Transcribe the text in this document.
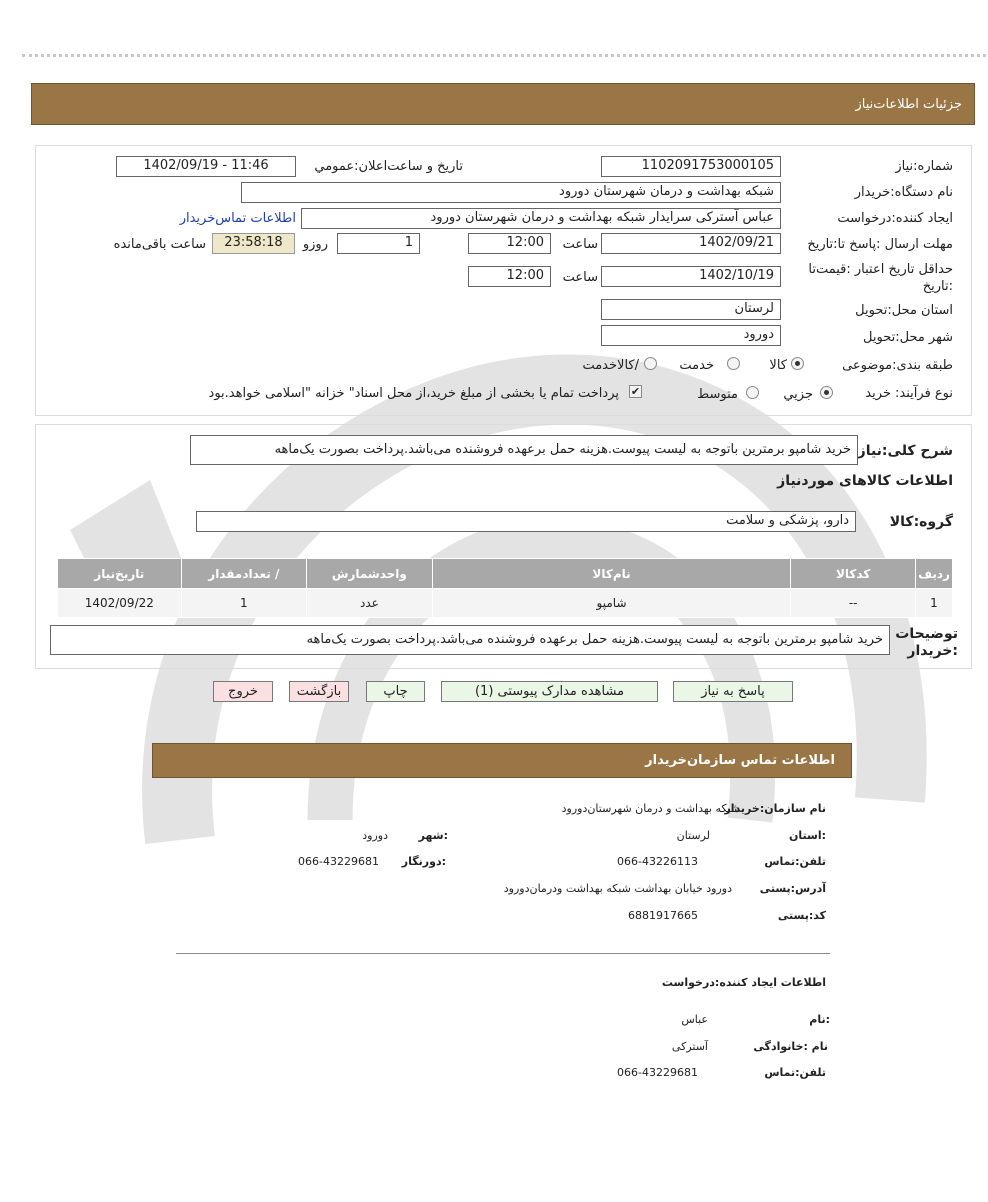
جزئیات اطلاعات‌نیاز
شماره:نیاز
1102091753000105
تاریخ و ساعت‌اعلان:عمومي
1402/09/19 - 11:46
نام دستگاه:خریدار
شبکه بهداشت و درمان شهرستان دورود
ایجاد کننده:درخواست
عباس آسترکی سرایدار شبکه بهداشت و درمان شهرستان دورود
اطلاعات تماس‌خریدار
مهلت ارسال :پاسخ تا:تاریخ
1402/09/21
ساعت
12:00
1
روزو
23:58:18
ساعت باقی‌مانده
حداقل تاریخ اعتبار :قیمت‌تا
:تاریخ
1402/10/19
ساعت
12:00
استان محل:تحویل
لرستان
شهر محل:تحویل
دورود
طبقه بندی:موضوعی
کالا
خدمت
/کالاخدمت
نوع فرآیند: خرید
جزيي
متوسط
✔
پرداخت تمام یا بخشی از مبلغ خرید،از محل اسناد" خزانه "اسلامی خواهد.بود
شرح کلی:نیاز
خرید شامپو برمترین باتوجه به لیست پیوست.هزینه حمل برعهده فروشنده می‌باشد.پرداخت بصورت یک‌ماهه
اطلاعات کالاهای موردنیاز
گروه:کالا
دارو، پزشکی و سلامت
تاریخ‌نیاز	/ تعدادمقدار	واحدشمارش	نام‌کالا	کدکالا	ردیف
1402/09/22	1	عدد	شامپو	--	1
توضیحات
:خریدار
خرید شامپو برمترین باتوجه به لیست پیوست.هزینه حمل برعهده فروشنده می‌باشد.پرداخت بصورت یک‌ماهه
پاسخ به نیاز
مشاهده مدارک پیوستی (1)
چاپ
بازگشت
خروج
اطلاعات تماس سازمان‌خریدار
نام سازمان:خریدار
شبکه بهداشت و درمان شهرستان‌دورود
:استان
لرستان
:شهر
دورود
تلفن:تماس
066-43226113
:دورنگار
066-43229681
آدرس:پستی
دورود خیابان بهداشت شبکه بهداشت ودرمان‌دورود
کد:پستی
6881917665
اطلاعات ایجاد کننده:درخواست
:نام
عباس
نام :خانوادگی
آسترکی
تلفن:تماس
066-43229681
